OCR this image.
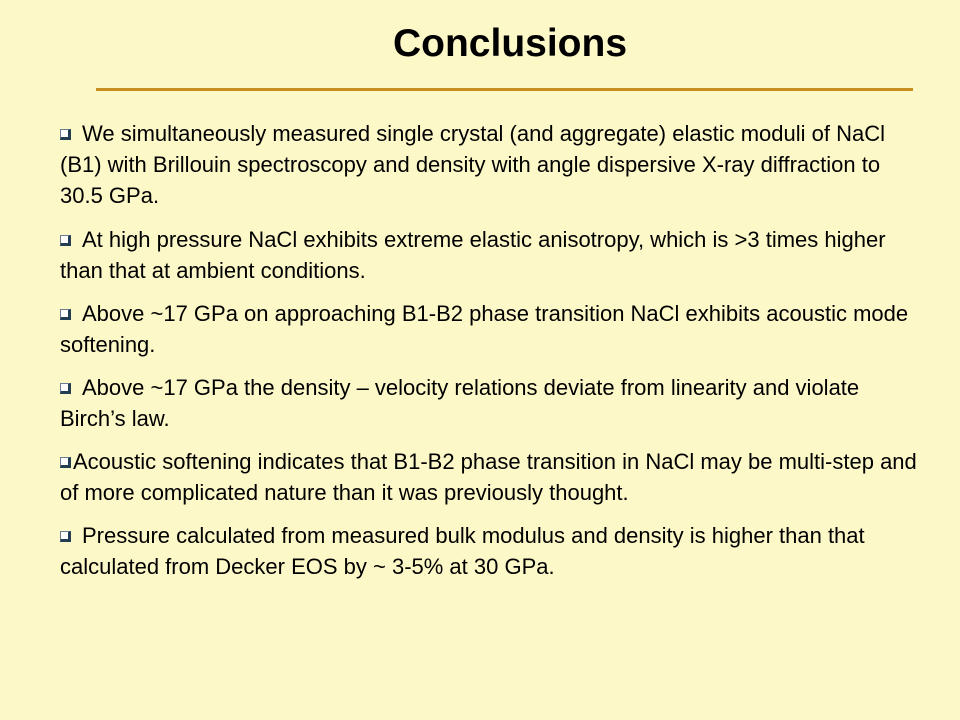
Conclusions
We simultaneously measured single crystal (and aggregate) elastic moduli of NaCl (B1) with Brillouin spectroscopy and density with angle dispersive X-ray diffraction to 30.5 GPa.
At high pressure NaCl exhibits extreme elastic anisotropy, which is >3 times higher than that at ambient conditions.
Above ~17 GPa on approaching B1-B2 phase transition NaCl exhibits acoustic mode softening.
Above ~17 GPa the density – velocity relations deviate from linearity and violate Birch’s law.
Acoustic softening indicates that B1-B2 phase transition in NaCl may be multi-step and of more complicated nature than it was previously thought.
Pressure calculated from measured bulk modulus and density is higher than that calculated from Decker EOS by ~ 3-5% at 30 GPa.
